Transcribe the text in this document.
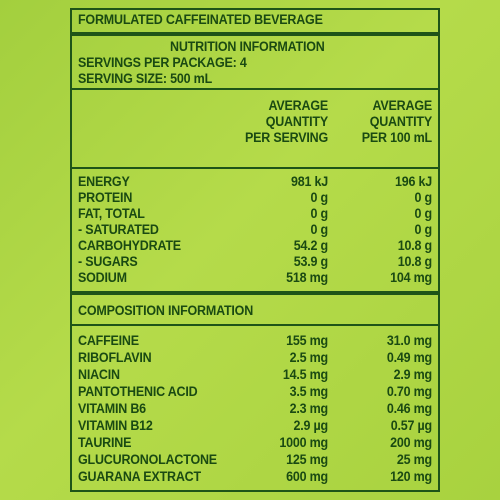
FORMULATED CAFFEINATED BEVERAGE
NUTRITION INFORMATION
SERVINGS PER PACKAGE: 4
SERVING SIZE: 500 mL
AVERAGE
QUANTITY
PER SERVING
AVERAGE
QUANTITY
PER 100 mL
ENERGY	981 kJ	196 kJ
PROTEIN	0 g	0 g
FAT, TOTAL	0 g	0 g
- SATURATED	0 g	0 g
CARBOHYDRATE	54.2 g	10.8 g
- SUGARS	53.9 g	10.8 g
SODIUM	518 mg	104 mg
COMPOSITION INFORMATION
CAFFEINE	155 mg	31.0 mg
RIBOFLAVIN	2.5 mg	0.49 mg
NIACIN	14.5 mg	2.9 mg
PANTOTHENIC ACID	3.5 mg	0.70 mg
VITAMIN B6	2.3 mg	0.46 mg
VITAMIN B12	2.9 µg	0.57 µg
TAURINE	1000 mg	200 mg
GLUCURONOLACTONE	125 mg	25 mg
GUARANA EXTRACT	600 mg	120 mg
